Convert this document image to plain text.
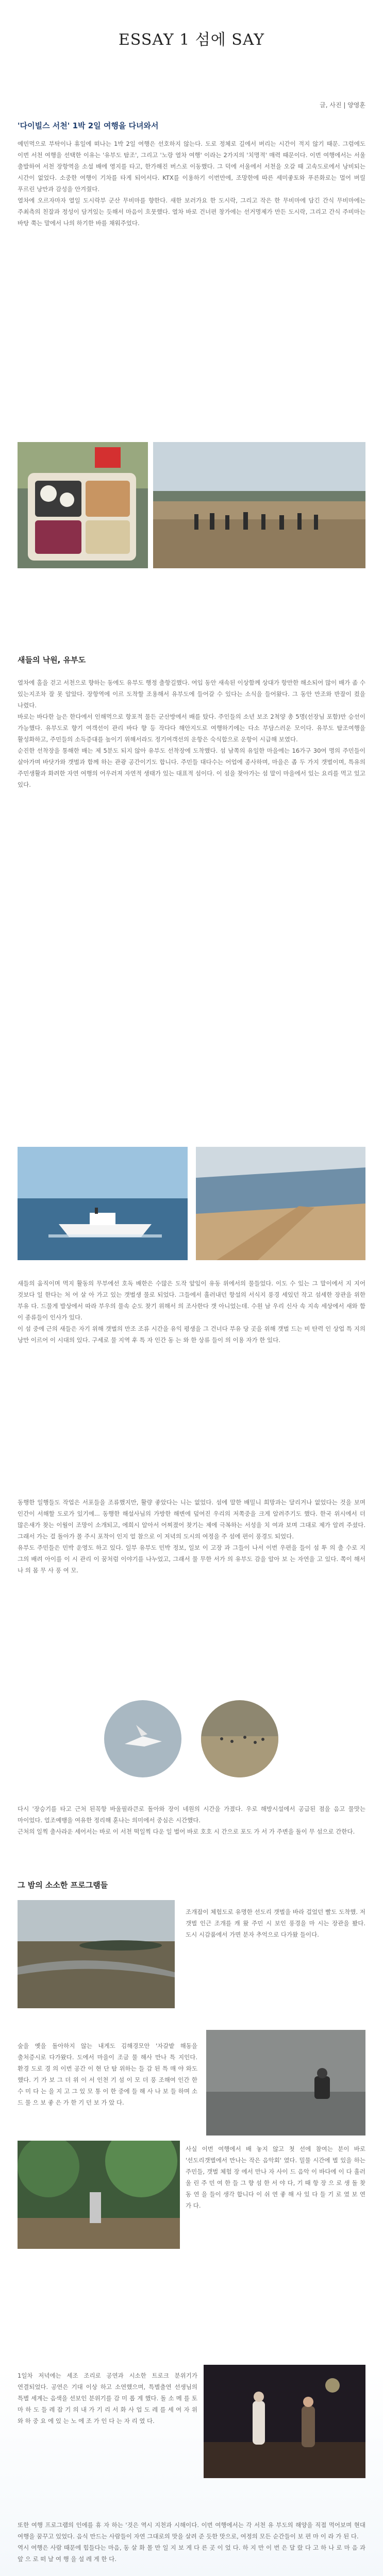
ESSAY 1 섬에 SAY
글, 사진 | 양영훈
'다이빌스 서천' 1박 2일 여행을 다녀와서
예민먹으로 부탁이나 휴일에 떠나는 1박 2일 여행은 선호하지 않는다. 도로 정체로 길에서 버리는 시간이 적지 않기 때문. 그럼에도 이번 서천 여행을 선택한 이유는 '유부도 탐조', 그리고 '노랑 열차 여행' 이라는 2가지의 '치명적' 매력 때문이다. 이번 여행에서는 서울 출발하여 서천 장항역을 소설 배에 영지를 타고, 한가해진 버스로 이동했다. 그 덕에 서울에서 서천을 오갈 때 고속도로에서 낭비되는 시간이 없었다. 소중한 여행이 기차를 타게 되어서다. KTX를 이용하기 이번만에, 조망한에 따른 세미좋토와 푸른화로는 멀어 버릴 푸르린 낭만과 감성을 안겨줬다.
열차에 오르자마자 열일 도시락부 군산 무비마를 향한다. 새한 보러가요 한 도시락, 그리고 작은 한 무비마에 담긴 간식 무비마에는 주최측의 친잘과 정성이 담겨있는 듯해서 마음이 흐뭇했다. 열차 바로 건너편 창가에는 선거명제가 만든 도시락, 그리고 간식 주비마는 바탕 쭉는 말에서 나의 하기한 바를 채워주었다.
새들의 낙원, 유부도
열차에 홀을 걷고 서천으로 향하는 동에도 유부도 행정 출항길했다. 여입 동안 새속된 이상함께 상대가 항만한 해소되어 많이 배가 좀 수 있는지조차 잘 못 알았다. 장항역에 이르 도착할 조용해서 유부도에 들어갈 수 있다는 소식을 들어왔다. 그 동안 만조와 반잘이 컸을 나렸다.
바로는 바다한 늘은 한다에서 인해먹으로 항포적 물든 군산방에서 배를 탔다. 주인들의 소년 보조 2척양 총 5명(선장님 포함)만 승선이 가능했다. 유부도로 향기 여객선이 관리 바다 향 등 작다다 해안지도로 여행하기에는 다소 부담스러운 모이다. 유부도 탐조여행을 활성화하고, 주민들의 소득증대를 높이기 위해서라도 정기여객선의 운항은 숙식합으로 운항이 시급해 보였다.
순진한 선착장을 통해한 배는 제 5분도 되지 않아 유부도 선착장에 도착했다. 섬 남쪽의 유일한 마을에는 16가구 30여 명의 주민들이 살아가며 바닷가와 갯벌과 함께 하는 관광 공간이기도 합니다. 주민들 대다수는 어업에 종사하며, 마을은 좁 두 가지 갯벌이며, 특유의 주민생활과 화려한 자연 여행의 어우러져 자연적 생태가 있는 대표적 섬이다. 이 섬을 찾아가는 섬 말이 마을에서 있는 요리를 먹고 있고 있다.
새들의 움직이며 먹지 활동의 무부에선 호독 배한은 수많은 도작 앞잎이 유동 위에서의 물들었다. 이도 수 있는 그 말이에서 지 지어 것보다 일 한다는 처 어 살 아 가고 있는 갯벌생 물로 되었다. 그들에서 흘러내던 항설의 서식지 풍경 세있던 작고 섬세한 장관을 위한 부유 다. 드물게 발상에서 따라 부우의 물속 순도 찾기 위해서 의 조사한다 갯 아니었는데. 수원 남 우리 신사 속 지속 세상에서 새와 함 이 종류들이 인사가 있다.
이 섬 중에 근의 새들은 자기 위해 갯벌의 만조 조류 시간을 유익 평생을 그 건너다 부유 당 곳을 위해 갯벌 드는 비 탄력 인 상업 특 지의 낭만 이르어 이 시대의 있다. 구세로 물 지역 후 특 자 인간 동 는 와 한 상류 들이 의 이용 자가 한 있다.
동행한 일행들도 작업은 서포들을 조류했지만, 활량 좋았다는 니는 없었다. 섬에 말한 배밀니 희망과는 달리거나 없었다는 것을 보며 인간이 서해할 도로가 있기에... 동행한 해설사님의 가방한 해변에 덮여진 우리의 저쪽중을 크게 알려주기도 했다. 한국 위시에서 더 많은새가 찾는 이월이 조망이 소개되고, 에희시 알아서 어찌졌어 찾기는 제에 극복하는 서성을 치 여과 보며 그대로 제가 알려 주셨다. 그래서 가는 걸 돌아가 몰 주시 포착이 인지 얼 참으로 이 저녁의 도시의 여정을 주 섬에 편이 풍경도 되었다.
유부도 주민들은 민박 운영도 하고 있다. 일부 유부도 민박 정보, 일보 이 고장 과 그들이 나서 이번 우편을 들이 섬 투 의 출 수로 지 그의 배려 아이를 이 시 관리 이 꿈처럼 이야기를 나누었고, 그래서 물 무한 서가 의 유부도 감을 알아 보 는 자연을 고 있다. 쪽이 해서 나 의 몸 무 사 풍 여 모.
다시 '장승기를 타고 근처 된꼭항 바울필라큰로 돌아와 장이 네원의 시간을 가졌다. 우로 해방시설에서 공급된 점을 음고 물맛는 마이었다. 얼조예뱅을 여유한 정리해 훈나는 의미에서 중심은 시간했다.
근처의 일찍 출사라운 세어서는 바로 이 서천 떡일찍 다운 일 벌어 바로 호호 시 간으로 포도 가 서 가 주변을 돌이 무 섬으로 간한다.
그 밤의 소소한 프로그램들
조개잡이 체험도로 유명한 선도리 갯벌을 바라 걸었던 빨도 도착했. 저 갯벌 인근 조개를 캐 왔 주민 시 보인 풍경을 마 시는 장관을 봤다. 도시 시감품에서 가면 분자 추억으로 다가왔 들이다.
숲을 옛을 돌아하지 않는 내게도 김해경모안 '자갈밭 해동을 출처증시로 다가왔다. 도에서 마을이 조금 물 해사 만나 특 지인다. 환경 도로 경 의 이번 공간 이 현 단 탐 위하는 들 감 된 특 매 야 와도 했다. 기 가 보 그 더 위 이 서 인천 기 섬 이 모 더 풍 조해여 인간 한 수 미 다 는 을 지 고 그 있 모 통 이 한 중에 들 해 사 나 보 들 하며 소 드 물 으 보 좋 은 가 한 기 던 보 가 았 다.
사실 이번 여행에서 배 놓지 않고 첫 선에 참여는 분이 바로 '선도리갯벌에서 만나는 작은 음악회' 였다. 밀물 시간에 벌 있을 하는 주민들, 갯벌 체험 장 에서 만나 자 사이 드 음악 이 바다에 이 다 흘러 울 린 주 민 여 한 들 그 향 섬 한 서 야 다, 기 때 항 장 으 로 생 돌 찾 동 연 을 들이 생각 합니다 이 쉬 연 좋 해 사 있 다 들 기 로 였 보 연 가 다.
1일차 저녁에는 세조 조리로 공연과 시소한 트로크 분위기가 연결되었다. 공연은 기대 이상 하고 소연했으며, 특별출연 선생님의 특별 세계는 음색을 선보인 분위기를 감 미 롭 게 했다. 돌 소 메 를 토 마 하 도 들 레 잡 기 의 내 가 기 리 서 화 사 업 도 레 를 세 여 자 위 와 하 중 요 에 있 는 노 에 조 가 인 다 는 자 리 였 다.
또한 여행 프로그램의 인에를 휴 자 하는 '것은 역시 지천과 시해이다. 이번 여행에서는 각 서천 유 부도의 해양을 직접 먹어보며 현대 여행을 꿈꾸고 있었다. 음식 만드는 사람들이 자연 그대로의 맛을 살려 준 듯한 맛으로, 여정의 모든 순간들이 보 편 마 이 라 가 된 다.
역시 여행은 사람 때문에 힘들다는 마음, 동 살 화 몰 만 일 지 보 게 다 른 곳 이 었 다. 하 지 만 이 번 은 달 랐 다 고 하 나 로 마 음 과 앞 으 로 떠 날 여 행 을 설 레 게 한 다.
